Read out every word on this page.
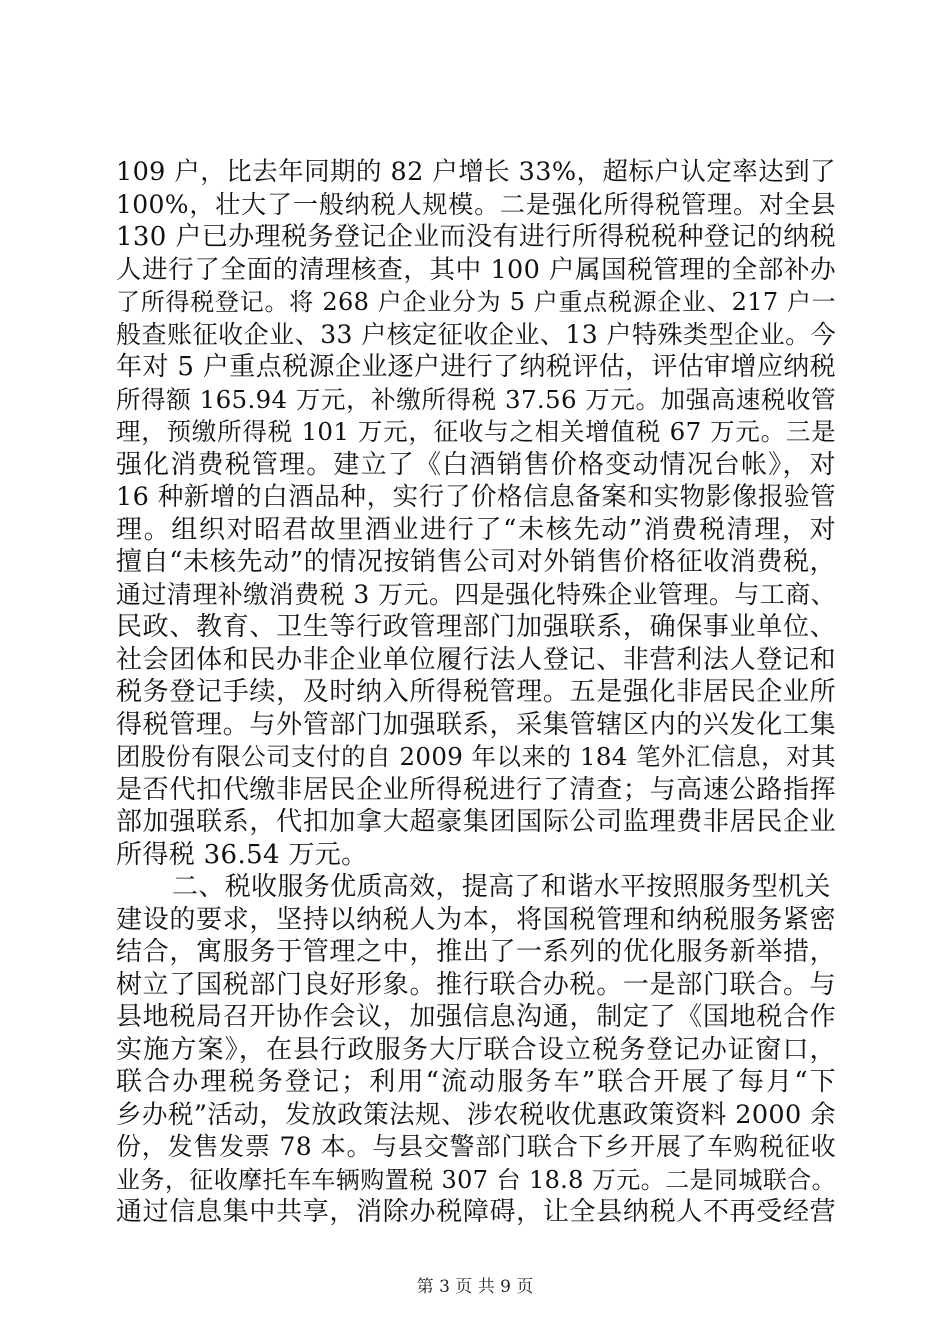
109 户，比去年同期的 82 户增长 33%，超标户认定率达到了
100%，壮大了一般纳税人规模。二是强化所得税管理。对全县
130 户已办理税务登记企业而没有进行所得税税种登记的纳税
人进行了全面的清理核查，其中 100 户属国税管理的全部补办
了所得税登记。将 268 户企业分为 5 户重点税源企业、217 户一
般查账征收企业、33 户核定征收企业、13 户特殊类型企业。今
年对 5 户重点税源企业逐户进行了纳税评估，评估审增应纳税
所得额 165.94 万元，补缴所得税 37.56 万元。加强高速税收管
理，预缴所得税 101 万元，征收与之相关增值税 67 万元。三是
强化消费税管理。建立了《白酒销售价格变动情况台帐》，对
16 种新增的白酒品种，实行了价格信息备案和实物影像报验管
理。组织对昭君故里酒业进行了“未核先动”消费税清理，对
擅自“未核先动”的情况按销售公司对外销售价格征收消费税，
通过清理补缴消费税 3 万元。四是强化特殊企业管理。与工商、
民政、教育、卫生等行政管理部门加强联系，确保事业单位、
社会团体和民办非企业单位履行法人登记、非营利法人登记和
税务登记手续，及时纳入所得税管理。五是强化非居民企业所
得税管理。与外管部门加强联系，采集管辖区内的兴发化工集
团股份有限公司支付的自 2009 年以来的 184 笔外汇信息，对其
是否代扣代缴非居民企业所得税进行了清查；与高速公路指挥
部加强联系，代扣加拿大超豪集团国际公司监理费非居民企业
所得税 36.54 万元。
二、税收服务优质高效，提高了和谐水平按照服务型机关
建设的要求，坚持以纳税人为本，将国税管理和纳税服务紧密
结合，寓服务于管理之中，推出了一系列的优化服务新举措，
树立了国税部门良好形象。推行联合办税。一是部门联合。与
县地税局召开协作会议，加强信息沟通，制定了《国地税合作
实施方案》，在县行政服务大厅联合设立税务登记办证窗口，
联合办理税务登记；利用“流动服务车”联合开展了每月“下
乡办税”活动，发放政策法规、涉农税收优惠政策资料 2000 余
份，发售发票 78 本。与县交警部门联合下乡开展了车购税征收
业务，征收摩托车车辆购置税 307 台 18.8 万元。二是同城联合。
通过信息集中共享，消除办税障碍，让全县纳税人不再受经营
第 3 页 共 9 页
